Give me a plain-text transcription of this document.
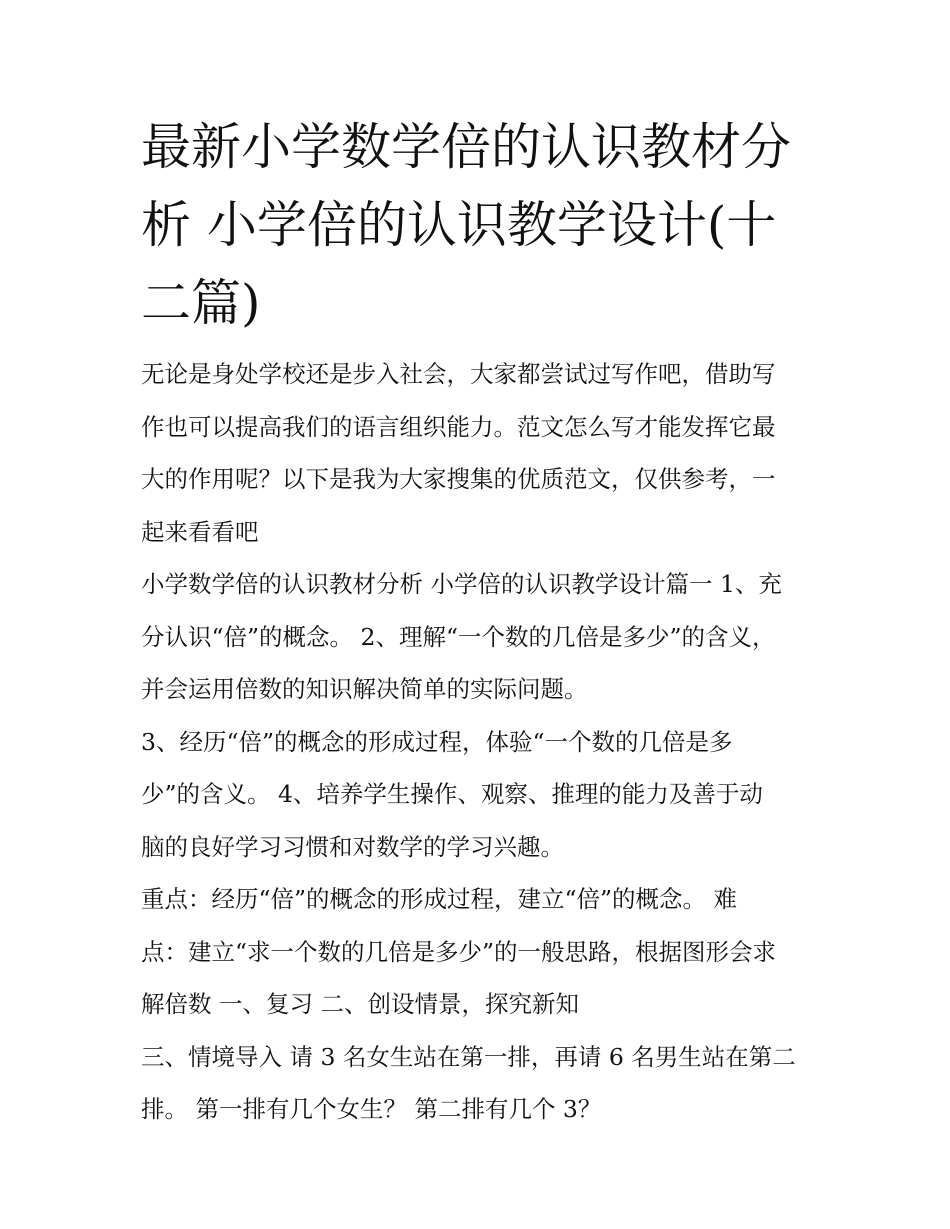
最新小学数学倍的认识教材分
析 小学倍的认识教学设计(十
二篇)
无论是身处学校还是步入社会，大家都尝试过写作吧，借助写
作也可以提高我们的语言组织能力。范文怎么写才能发挥它最
大的作用呢？以下是我为大家搜集的优质范文，仅供参考，一
起来看看吧
小学数学倍的认识教材分析 小学倍的认识教学设计篇一 1、充
分认识“倍”的概念。 2、理解“一个数的几倍是多少”的含义，
并会运用倍数的知识解决简单的实际问题。
3、经历“倍”的概念的形成过程，体验“一个数的几倍是多
少”的含义。 4、培养学生操作、观察、推理的能力及善于动
脑的良好学习习惯和对数学的学习兴趣。
重点：经历“倍”的概念的形成过程，建立“倍”的概念。 难
点：建立“求一个数的几倍是多少”的一般思路，根据图形会求
解倍数 一、复习 二、创设情景，探究新知
三、情境导入 请 3 名女生站在第一排，再请 6 名男生站在第二
排。 第一排有几个女生？ 第二排有几个 3？
